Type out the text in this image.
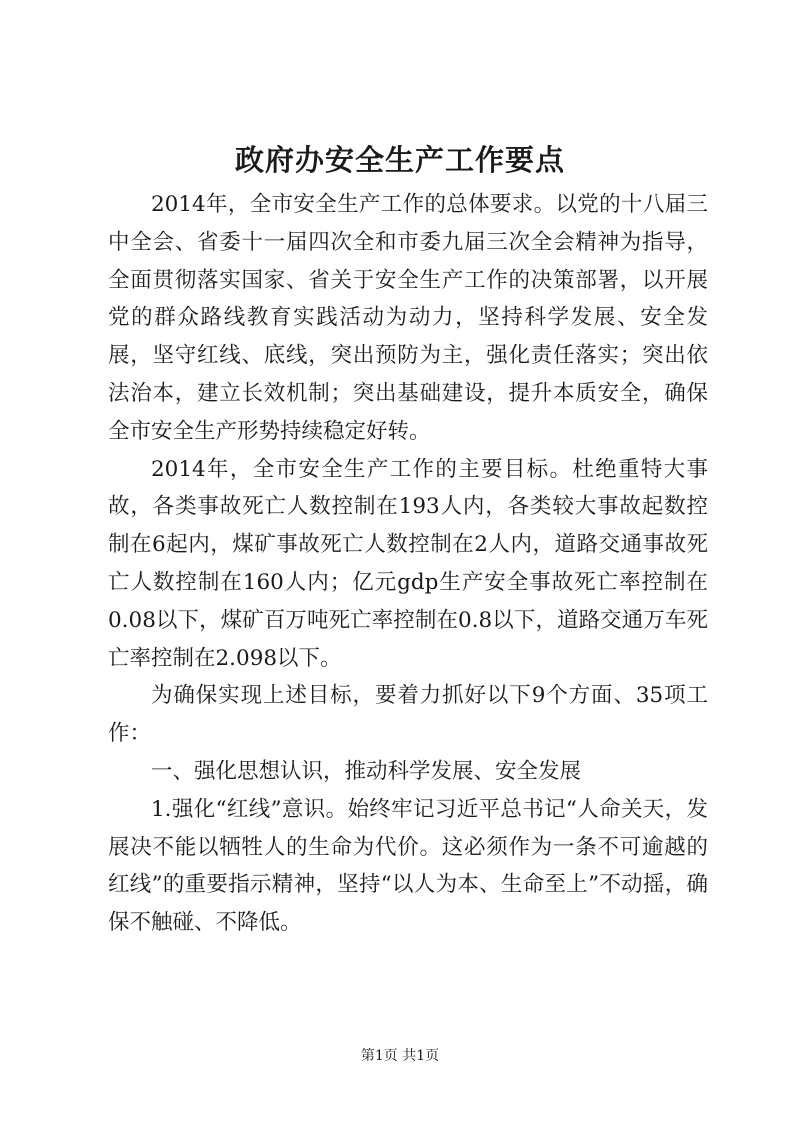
政府办安全生产工作要点

2014年，全市安全生产工作的总体要求。以党的十八届三中全会、省委十一届四次全和市委九届三次全会精神为指导，全面贯彻落实国家、省关于安全生产工作的决策部署，以开展党的群众路线教育实践活动为动力，坚持科学发展、安全发展，坚守红线、底线，突出预防为主，强化责任落实；突出依法治本，建立长效机制；突出基础建设，提升本质安全，确保全市安全生产形势持续稳定好转。

2014年，全市安全生产工作的主要目标。杜绝重特大事故，各类事故死亡人数控制在193人内，各类较大事故起数控制在6起内，煤矿事故死亡人数控制在2人内，道路交通事故死亡人数控制在160人内；亿元gdp生产安全事故死亡率控制在0.08以下，煤矿百万吨死亡率控制在0.8以下，道路交通万车死亡率控制在2.098以下。

为确保实现上述目标，要着力抓好以下9个方面、35项工作：

一、强化思想认识，推动科学发展、安全发展

1.强化“红线”意识。始终牢记习近平总书记“人命关天，发展决不能以牺牲人的生命为代价。这必须作为一条不可逾越的红线”的重要指示精神，坚持“以人为本、生命至上”不动摇，确保不触碰、不降低。

第1页 共1页
